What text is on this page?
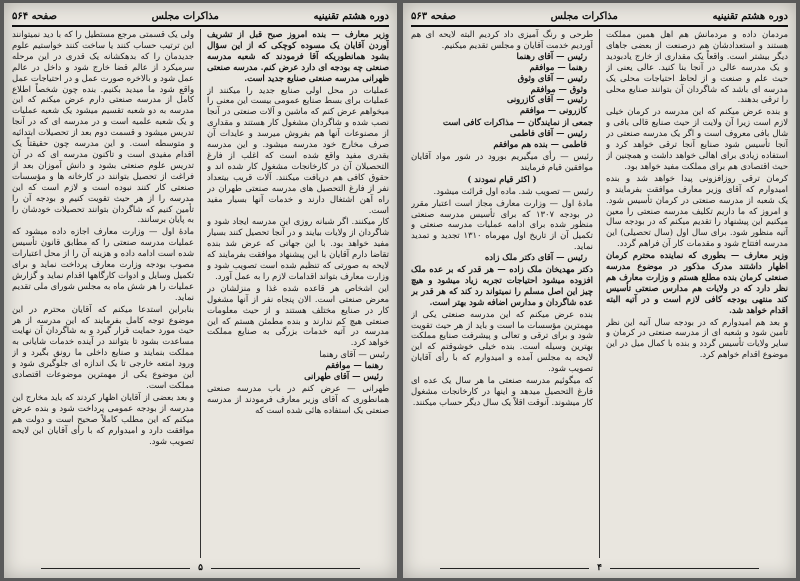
دوره هشتم تقنینیه
مذاکرات مجلس
صفحه ۵۶۴

وزیر معارف — بنده امروز صبح قبل از تشریف آوردن آقایان یک مسوده کوچکی که از این سؤال بشود همانطوریکه آقا فرمودند که شعبه مدرسه صنعتی چه بودجه ای دارد عرض کنم. مدرسه صنعتی ظهرانی مدرسه صنعتی صنایع جدید است.

عملیات در محل اولی صنایع جدید را میکنند از عملیات برای بسط صنایع عمومی بیست این معنی را میخواهم عرض کنم که ماشین و آلات صنعتی در آنجا نصب شده و شاگردان مشغول کار هستند و مقداری از مصنوعات آنها هم بفروش میرسد و عایدات آن صرف مخارج خود مدرسه میشود. و این مدرسه بقدری مفید واقع شده است که اغلب از فارغ التحصیلان آن در کارخانجات مشغول کار شده اند و حقوق کافی هم دریافت میکنند. آلات قریب بیتعداد نفر از فارغ التحصیل های مدرسه صنعتی طهران در راه آهن اشتغال دارند و خدمات آنها بسیار مفید است.

کار میکنند. اگر شبانه روزی این مدرسه ایجاد شود و شاگردان از ولایات بیایند و در آنجا تحصیل کنند بسیار مفید خواهد بود. با این جهاتی که عرض شد بنده تقاضا دارم آقایان با این پیشنهاد موافقت بفرمایند که لایحه به صورتی که تنظیم شده است تصویب شود و وزارت معارف بتواند اقدامات لازم را به عمل آورد.

این اشخاص هر قاعده شده غذا و منزلشان در معرض صنعتی است. الان پنجاه نفر از آنها مشغول کار در صنایع مختلف هستند و از حیث معلومات صنعتی هیچ کم ندارند و بنده مطمئن هستم که این مدرسه در آتیه خدمات بزرگی به صنایع مملکت خواهد کرد.

رئیس — آقای رهنما

رهنما — موافقم

رئیس — آقای طهرانی

طهرانی — عرض کنم در باب مدرسه صنعتی همانطوری که آقای وزیر معارف فرمودند از مدرسه صنعتی یک استفاده هائی شده است که

ولی یک قسمتی مرجع مستطیل را که با دید نمیتوانند این ترتیب حساب کنند یا ساخت کنند خواستیم علوم جدیدمان را که بدهکشانه یک قدری در این مرحله سرمیکرد از عالم قضا خارج شود و داخل در عالم عمل شود و بالاخره صورت عمل و در احتیاجات عمل واقع شود ما میدید بکنیم. بنده چون شخصاً اطلاع کامل از مدرسه صنعتی دارم عرض میکنم که این مدرسه به دو شعبه تقسیم میشود یک شعبه عملیات و یک شعبه علمیه است و در مدرسه ای که در آنجا تدریس میشود و قسمت دوم بعد از تحصیلات ابتدائیه و متوسطه است. و این مدرسه چون حقیقتاً یک اقدام مفیدی است و تاکنون مدرسه ای که در آن تدریس علوم صنعتی بشود و دانش آموزان بعد از فراغت از تحصیل بتوانند در کارخانه ها و مؤسسات صنعتی کار کنند نبوده است و لازم است که این مدرسه را از هر حیث تقویت کنیم و بودجه آن را تأمین کنیم که شاگردان بتوانند تحصیلات خودشان را به پایان برسانند.

مادهٔ اول — وزارت معارف اجازه داده میشود که عملیات مدرسه صنعتی را که مطابق قانون تأسیس شده است ادامه داده و هزینه آن را از محل اعتبارات مصوب بودجه وزارت معارف پرداخت نماید و برای تکمیل وسایل و ادوات کارگاهها اقدام نماید و گزارش عملیات را هر شش ماه به مجلس شورای ملی تقدیم نماید.

بنابراین استدعا میکنم که آقایان محترم در این موضوع توجه کامل بفرمایند که این مدرسه از هر حیث مورد حمایت قرار گیرد و به شاگردان آن نهایت مساعدت بشود تا بتوانند در آینده خدمات شایانی به مملکت بنمایند و صنایع داخلی ما رونق بگیرد و از ورود امتعه خارجی تا یک اندازه ای جلوگیری شود و این موضوع یکی از مهمترین موضوعات اقتصادی مملکت است.

و بعد بعضی از آقایان اظهار کردند که باید مخارج این مدرسه از بودجه عمومی پرداخت شود و بنده عرض میکنم که این مطلب کاملاً صحیح است و دولت هم موافقت دارد و امیدوارم که با رأی آقایان این لایحه تصویب شود.

۵
دوره هشتم تقنینیه
مذاکرات مجلس
صفحه ۵۶۳

مردمان داده و مردمانش هم اهل همین مملکت هستند و استعدادشان هم درصنعت از بعضی جاهای دیگر بیشتر است. واقعاً یک مقداری از خارج یادبودید و یک مدرسه عالی در آنجا بنا کنید. عالی یعنی از حیث علم و صنعت و از لحاظ احتیاجات محلی یک مدرسه ای باشد که شاگردان آن بتوانند صنایع محلی را ترقی بدهند.

و بنده عرض میکنم که این مدرسه در کرمان خیلی لازم است زیرا آن ولایت از حیث صنایع قالی بافی و شال بافی معروف است و اگر یک مدرسه صنعتی در آنجا تأسیس شود صنایع آنجا ترقی خواهد کرد و استفاده زیادی برای اهالی خواهد داشت و همچنین از حیث اقتصادی هم برای مملکت مفید خواهد بود.

کرمان ترقی روزافزونی پیدا خواهد شد و بنده امیدوارم که آقای وزیر معارف موافقت بفرمایند و یک شعبه از مدرسه صنعتی در کرمان تأسیس شود. و امروز که ما داریم تکلیف مدرسه صنعتی را معین میکنیم این پیشنهاد را تقدیم میکنم که در بودجه سال آتیه منظور شود. برای سال اول (سال تحصیلی) این مدرسه افتتاح شود و مقدمات کار آن فراهم گردد.

وزیر معارف — بطوری که نماینده محترم کرمان اظهار داشتند مدرک مذکور در موضوع مدرسه صنعتی کرمان بنده مطلع هستم و وزارت معارف هم نظر دارد که در ولایات هم مدارس صنعتی تأسیس کند منتهی بودجه کافی لازم است و در آتیه البته اقدام خواهد شد.

و بعد هم امیدوارم که در بودجه سال آتیه این نظر تأمین شود و شعبه ای از مدرسه صنعتی در کرمان و سایر ولایات تأسیس گردد و بنده با کمال میل در این موضوع اقدام خواهم کرد.

طرحی و رنگ آمیزی داد کردیم البته لایحه ای هم آوردیم خدمت آقایان و مجلس تقدیم میکنیم.

رئیس — آقای رهنما

رهنما — موافقم

رئیس — آقای وثوق

وثوق — موافقم

رئیس — آقای کازرونی

کازرونی — موافقم

جمعی از نمایندگان — مذاکرات کافی است

رئیس — آقای فاطمی

فاطمی — بنده هم موافقم

رئیس — رأی میگیریم بورود در شور مواد آقایان موافقین قیام فرمایند

( اکثر قیام نمودند )

رئیس — تصویب شد. ماده اول قرائت میشود.

مادهٔ اول — وزارت معارف مجاز است اعتبار مقرر در بودجه ۱۳۰۷ که برای تأسیس مدرسه صنعتی منظور شده برای ادامه عملیات مدرسه صنعتی و تکمیل آن از تاریخ اول مهرماه ۱۳۱۰ تجدید و تمدید نماید.

رئیس — آقای دکتر ملک زاده

دکتر مهدیخان ملک زاده — هر قدر که بر عده ملک افزوده میشود احتیاجات تجربه زیاد میشود و هیچ چیز این اصل مسلم را نمیتواند رد کند که هر قدر بر عده شاگردان و مدارس اضافه شود بهتر است.

بنده عرض میکنم که این مدرسه صنعتی یکی از مهمترین مؤسسات ما است و باید از هر حیث تقویت شود و برای ترقی و تعالی و پیشرفت صنایع مملکت بهترین وسیله است. بنده خیلی خوشوقتم که این لایحه به مجلس آمده و امیدوارم که با رأی آقایان تصویب شود.

که میگوئیم مدرسه صنعتی ما هر سال یک عده ای فارغ التحصیل میدهد و اینها در کارخانجات مشغول کار میشوند. آنوقت اقلاً یک سال دیگر حساب میکنند.

۴
